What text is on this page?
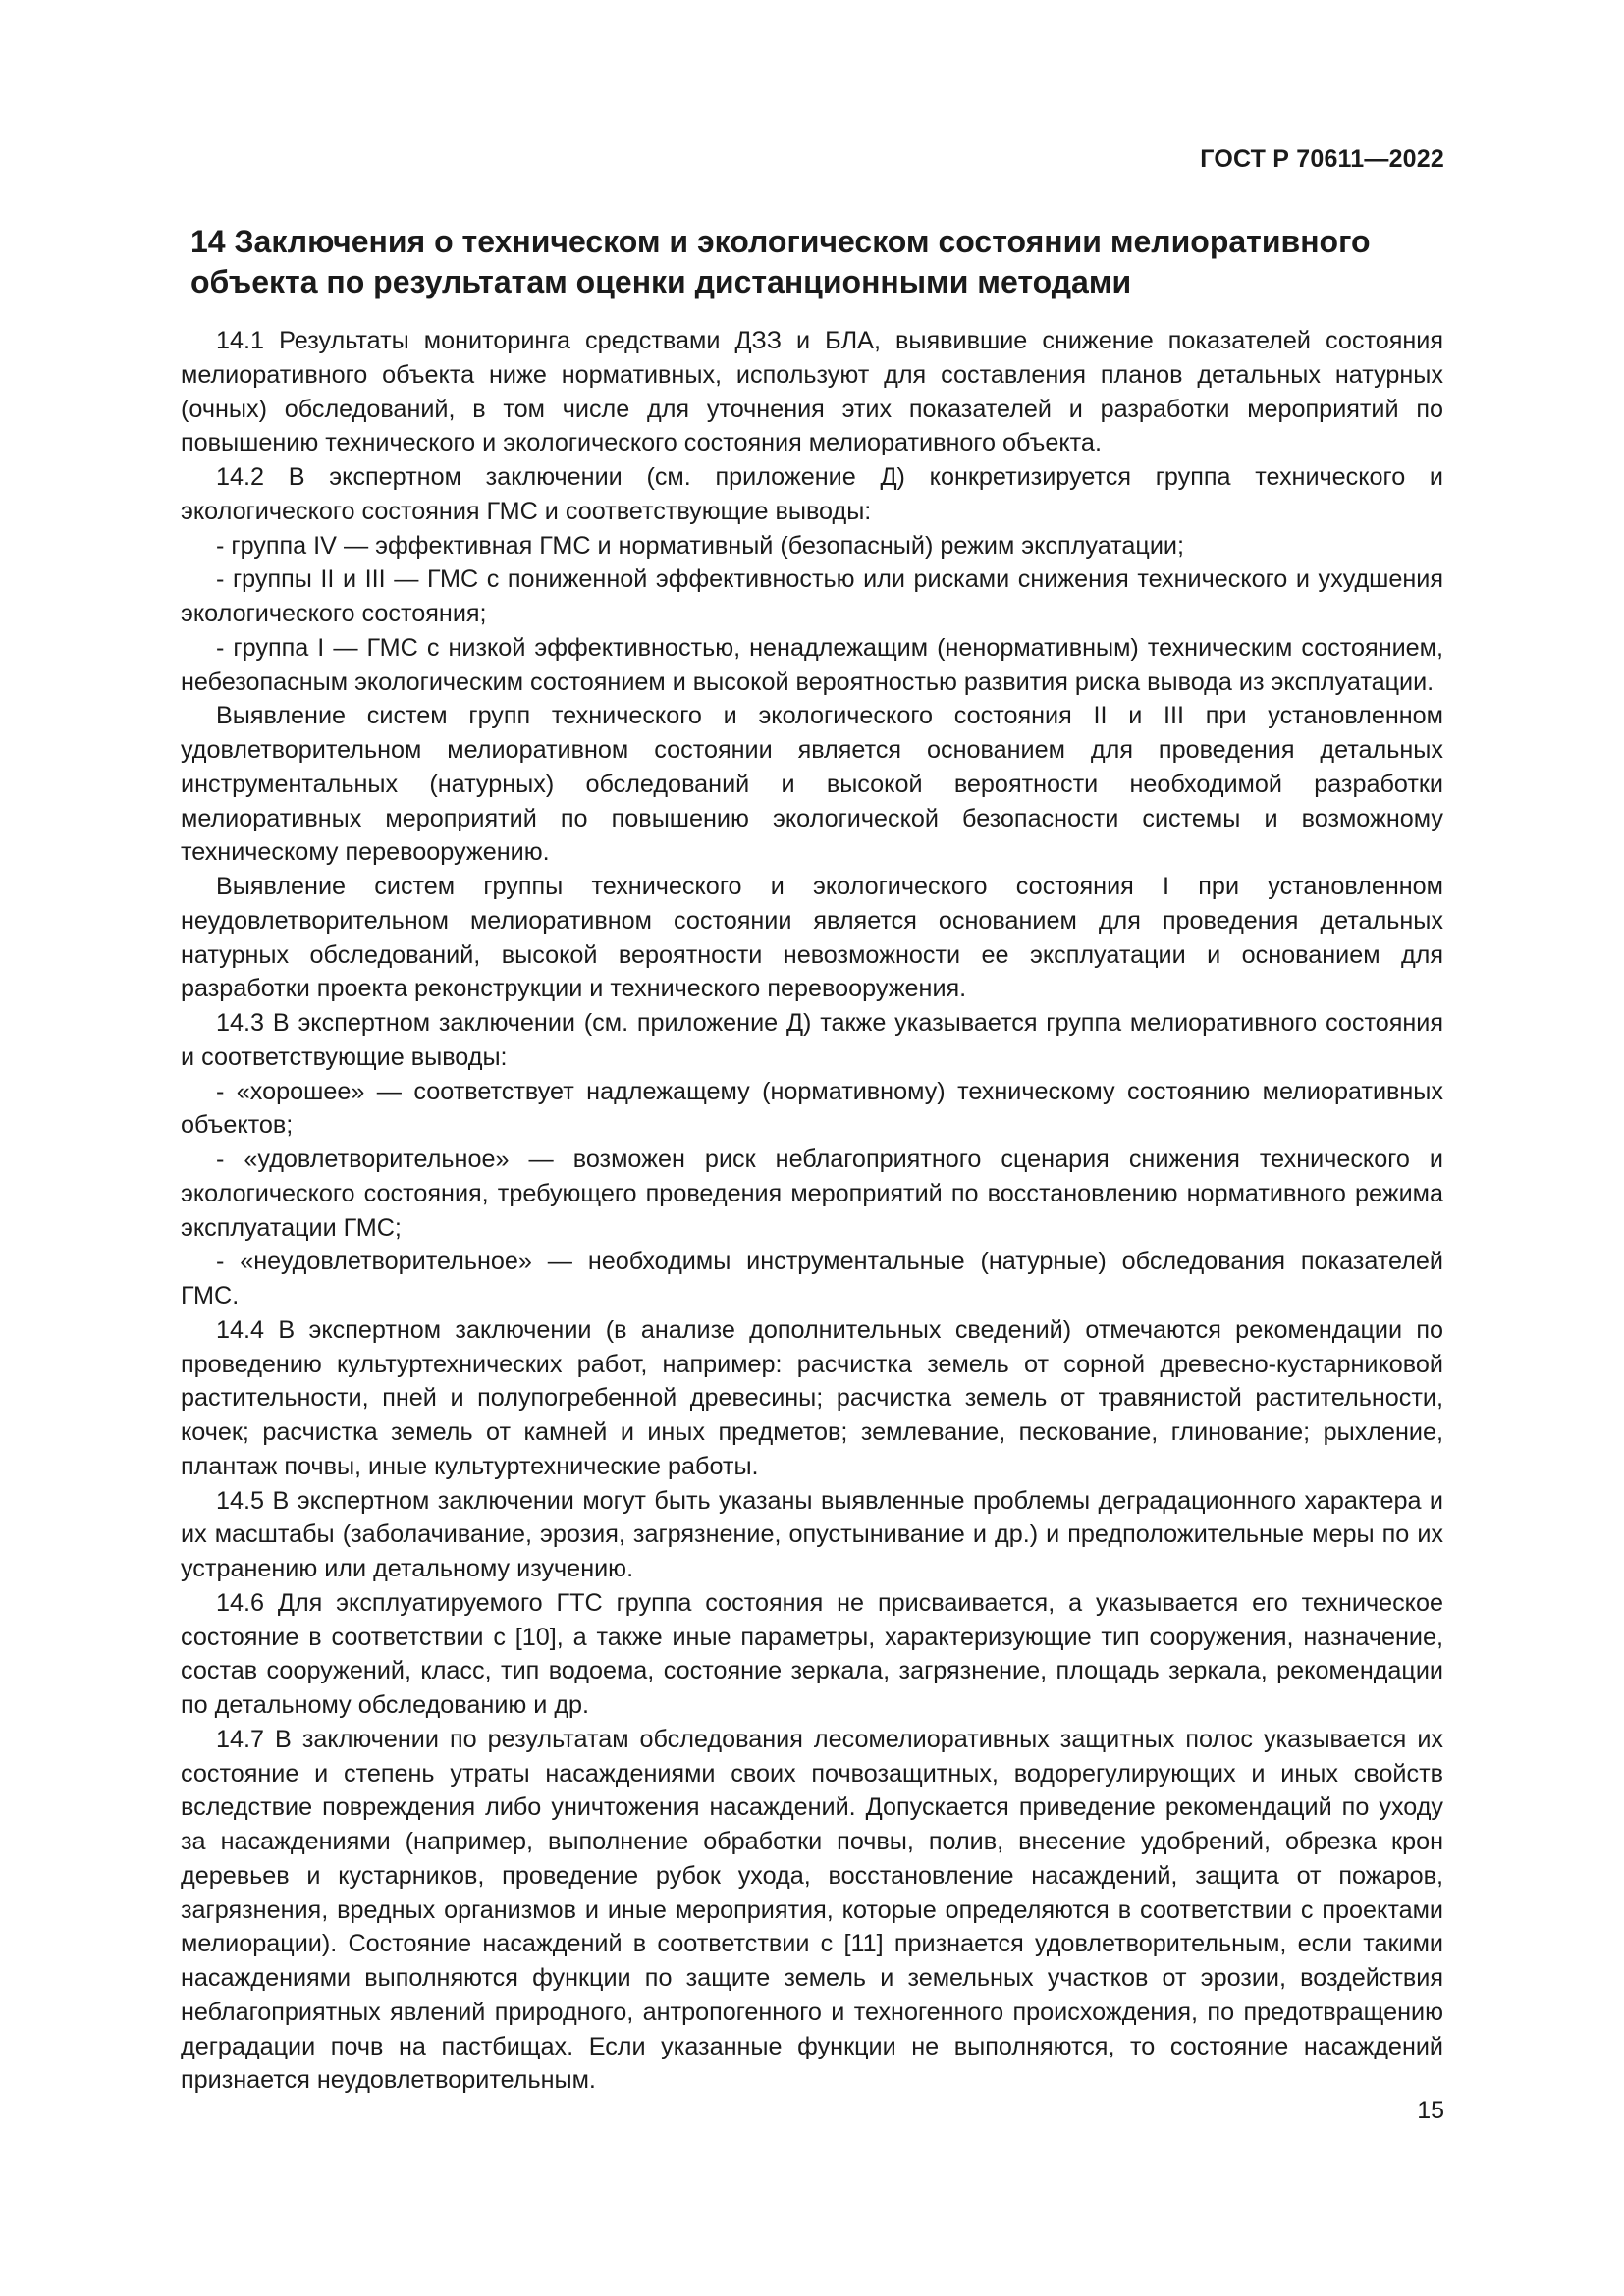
ГОСТ Р 70611—2022
14 Заключения о техническом и экологическом состоянии мелиоративного объекта по результатам оценки дистанционными методами

14.1 Результаты мониторинга средствами ДЗЗ и БЛА, выявившие снижение показателей состояния мелиоративного объекта ниже нормативных, используют для составления планов детальных натурных (очных) обследований, в том числе для уточнения этих показателей и разработки мероприятий по повышению технического и экологического состояния мелиоративного объекта.

14.2 В экспертном заключении (см. приложение Д) конкретизируется группа технического и экологического состояния ГМС и соответствующие выводы:

- группа IV — эффективная ГМС и нормативный (безопасный) режим эксплуатации;

- группы II и III — ГМС с пониженной эффективностью или рисками снижения технического и ухудшения экологического состояния;

- группа I — ГМС с низкой эффективностью, ненадлежащим (ненормативным) техническим состоянием, небезопасным экологическим состоянием и высокой вероятностью развития риска вывода из эксплуатации.

Выявление систем групп технического и экологического состояния II и III при установленном удовлетворительном мелиоративном состоянии является основанием для проведения детальных инструментальных (натурных) обследований и высокой вероятности необходимой разработки мелиоративных мероприятий по повышению экологической безопасности системы и возможному техническому перевооружению.

Выявление систем группы технического и экологического состояния I при установленном неудовлетворительном мелиоративном состоянии является основанием для проведения детальных натурных обследований, высокой вероятности невозможности ее эксплуатации и основанием для разработки проекта реконструкции и технического перевооружения.

14.3 В экспертном заключении (см. приложение Д) также указывается группа мелиоративного состояния и соответствующие выводы:

- «хорошее» — соответствует надлежащему (нормативному) техническому состоянию мелиоративных объектов;

- «удовлетворительное» — возможен риск неблагоприятного сценария снижения технического и экологического состояния, требующего проведения мероприятий по восстановлению нормативного режима эксплуатации ГМС;

- «неудовлетворительное» — необходимы инструментальные (натурные) обследования показателей ГМС.

14.4 В экспертном заключении (в анализе дополнительных сведений) отмечаются рекомендации по проведению культуртехнических работ, например: расчистка земель от сорной древесно-кустарниковой растительности, пней и полупогребенной древесины; расчистка земель от травянистой растительности, кочек; расчистка земель от камней и иных предметов; землевание, пескование, глинование; рыхление, плантаж почвы, иные культуртехнические работы.

14.5 В экспертном заключении могут быть указаны выявленные проблемы деградационного характера и их масштабы (заболачивание, эрозия, загрязнение, опустынивание и др.) и предположительные меры по их устранению или детальному изучению.

14.6 Для эксплуатируемого ГТС группа состояния не присваивается, а указывается его техническое состояние в соответствии с [10], а также иные параметры, характеризующие тип сооружения, назначение, состав сооружений, класс, тип водоема, состояние зеркала, загрязнение, площадь зеркала, рекомендации по детальному обследованию и др.

14.7 В заключении по результатам обследования лесомелиоративных защитных полос указывается их состояние и степень утраты насаждениями своих почвозащитных, водорегулирующих и иных свойств вследствие повреждения либо уничтожения насаждений. Допускается приведение рекомендаций по уходу за насаждениями (например, выполнение обработки почвы, полив, внесение удобрений, обрезка крон деревьев и кустарников, проведение рубок ухода, восстановление насаждений, защита от пожаров, загрязнения, вредных организмов и иные мероприятия, которые определяются в соответствии с проектами мелиорации). Состояние насаждений в соответствии с [11] признается удовлетворительным, если такими насаждениями выполняются функции по защите земель и земельных участков от эрозии, воздействия неблагоприятных явлений природного, антропогенного и техногенного происхождения, по предотвращению деградации почв на пастбищах. Если указанные функции не выполняются, то состояние насаждений признается неудовлетворительным.

15
